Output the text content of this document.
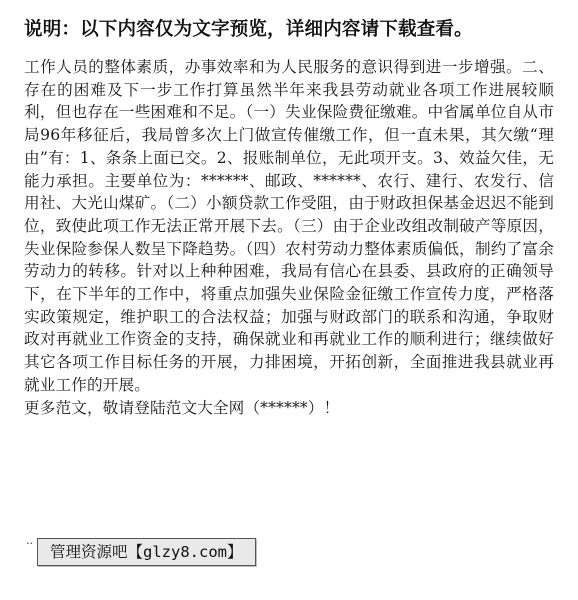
说明：以下内容仅为文字预览，详细内容请下载查看。

工作人员的整体素质，办事效率和为人民服务的意识得到进一步增强。二、存在的困难及下一步工作打算虽然半年来我县劳动就业各项工作进展较顺利，但也存在一些困难和不足。（一）失业保险费征缴难。中省属单位自从市局96年移征后，我局曾多次上门做宣传催缴工作，但一直未果，其欠缴“理由”有：1、条条上面已交。2、报账制单位，无此项开支。3、效益欠佳，无能力承担。主要单位为：******、邮政、******、农行、建行、农发行、信用社、大光山煤矿。（二）小额贷款工作受阻，由于财政担保基金迟迟不能到位，致使此项工作无法正常开展下去。（三）由于企业改组改制破产等原因，失业保险参保人数呈下降趋势。（四）农村劳动力整体素质偏低，制约了富余劳动力的转移。针对以上种种困难，我局有信心在县委、县政府的正确领导下，在下半年的工作中，将重点加强失业保险金征缴工作宣传力度，严格落实政策规定，维护职工的合法权益；加强与财政部门的联系和沟通，争取财政对再就业工作资金的支持，确保就业和再就业工作的顺利进行；继续做好其它各项工作目标任务的开展，力排困境，开拓创新，全面推进我县就业再就业工作的开展。
更多范文，敬请登陆范文大全网（******）！
··	管理资源吧【glzy8.com】
